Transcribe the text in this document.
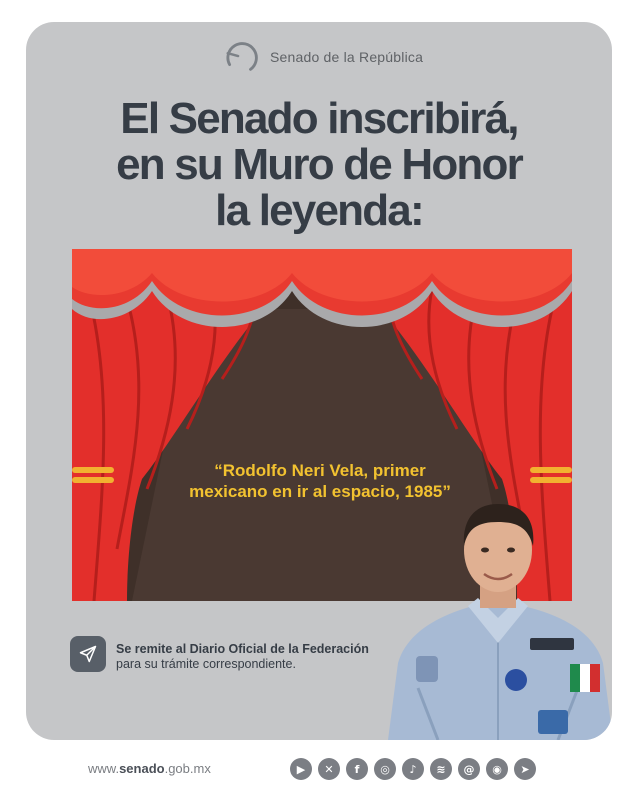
Senado de la República
El Senado inscribirá,
en su Muro de Honor
la leyenda:

“Rodolfo Neri Vela, primer
mexicano en ir al espacio, 1985”

Se remite al Diario Oficial de la Federación
para su trámite correspondiente.
www.senado.gob.mx	▶	✕	f	◎	♪	≋	@	◉	➤
